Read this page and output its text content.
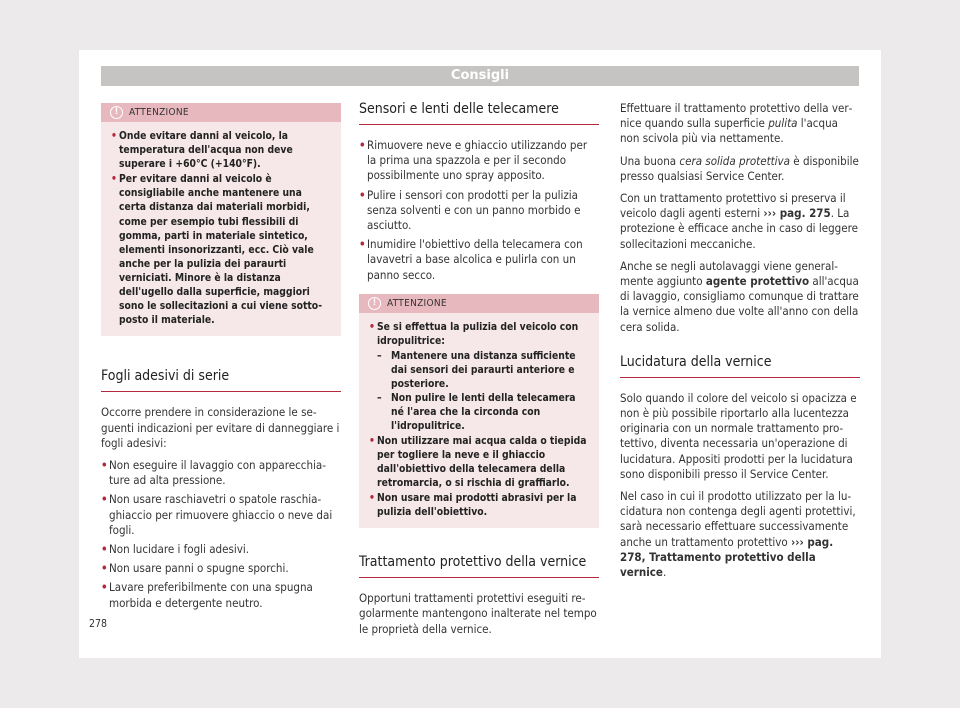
Consigli
!	ATTENZIONE
• Onde evitare danni al veicolo, la temperatura dell'acqua non deve superare i +60°C (+140°F).
• Per evitare danni al veicolo è consigliabile anche mantenere una certa distanza dai materiali morbidi, come per esempio tubi flessibili di gomma, parti in materiale sintetico, elementi insonorizzanti, ecc. Ciò vale anche per la pulizia dei paraurti verniciati. Minore è la distanza dell'ugello dalla superficie, maggiori sono le sollecitazioni a cui viene sottoposto il materiale.
Fogli adesivi di serie

Occorre prendere in considerazione le seguenti indicazioni per evitare di danneggiare i fogli adesivi:

• Non eseguire il lavaggio con apparecchiature ad alta pressione.
• Non usare raschiavetri o spatole raschiaghiaccio per rimuovere ghiaccio o neve dai fogli.
• Non lucidare i fogli adesivi.
• Non usare panni o spugne sporchi.
• Lavare preferibilmente con una spugna morbida e detergente neutro.
Sensori e lenti delle telecamere
• Rimuovere neve e ghiaccio utilizzando per la prima una spazzola e per il secondo possibilmente uno spray apposito.
• Pulire i sensori con prodotti per la pulizia senza solventi e con un panno morbido e asciutto.
• Inumidire l'obiettivo della telecamera con lavavetri a base alcolica e pulirla con un panno secco.
!	ATTENZIONE
• Se si effettua la pulizia del veicolo con idropulitrice:
– Mantenere una distanza sufficiente dai sensori dei paraurti anteriore e posteriore.
– Non pulire le lenti della telecamera né l'area che la circonda con l'idropulitrice.
• Non utilizzare mai acqua calda o tiepida per togliere la neve e il ghiaccio dall'obiettivo della telecamera della retromarcia, o si rischia di graffiarlo.
• Non usare mai prodotti abrasivi per la pulizia dell'obiettivo.
Trattamento protettivo della vernice

Opportuni trattamenti protettivi eseguiti regolarmente mantengono inalterate nel tempo le proprietà della vernice.

Effettuare il trattamento protettivo della vernice quando sulla superficie pulita l'acqua non scivola più via nettamente.

Una buona cera solida protettiva è disponibile presso qualsiasi Service Center.

Con un trattamento protettivo si preserva il veicolo dagli agenti esterni ››› pag. 275. La protezione è efficace anche in caso di leggere sollecitazioni meccaniche.

Anche se negli autolavaggi viene generalmente aggiunto agente protettivo all'acqua di lavaggio, consigliamo comunque di trattare la vernice almeno due volte all'anno con della cera solida.

Lucidatura della vernice

Solo quando il colore del veicolo si opacizza e non è più possibile riportarlo alla lucentezza originaria con un normale trattamento protettivo, diventa necessaria un'operazione di lucidatura. Appositi prodotti per la lucidatura sono disponibili presso il Service Center.

Nel caso in cui il prodotto utilizzato per la lucidatura non contenga degli agenti protettivi, sarà necessario effettuare successivamente anche un trattamento protettivo ››› pag. 278, Trattamento protettivo della vernice.

278
